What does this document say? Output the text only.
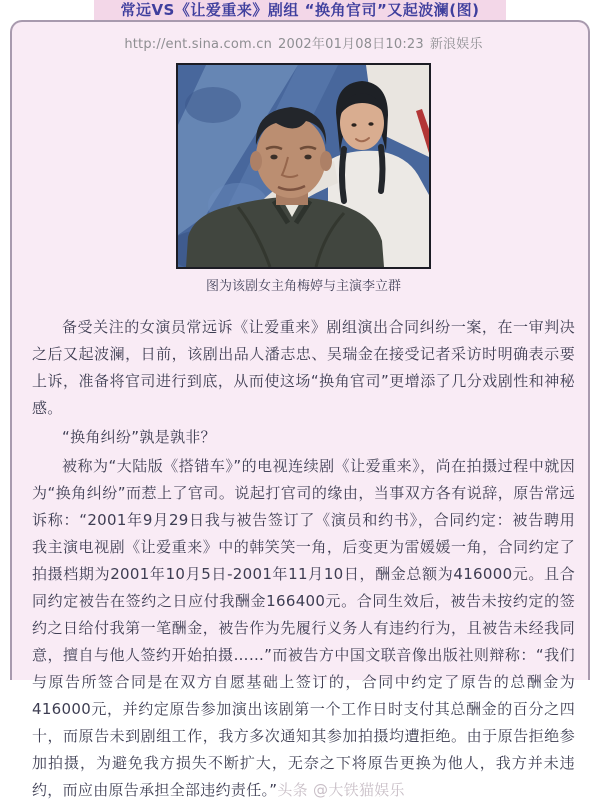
常远VS《让爱重来》剧组 “换角官司”又起波澜(图)
http://ent.sina.com.cn 2002年01月08日10:23 新浪娱乐
图为该剧女主角梅婷与主演李立群

备受关注的女演员常远诉《让爱重来》剧组演出合同纠纷一案，在一审判决之后又起波澜，日前，该剧出品人潘志忠、吴瑞金在接受记者采访时明确表示要上诉，准备将官司进行到底，从而使这场“换角官司”更增添了几分戏剧性和神秘感。

“换角纠纷”孰是孰非？

被称为“大陆版《搭错车》”的电视连续剧《让爱重来》，尚在拍摄过程中就因为“换角纠纷”而惹上了官司。说起打官司的缘由，当事双方各有说辞，原告常远诉称：“2001年9月29日我与被告签订了《演员和约书》，合同约定：被告聘用我主演电视剧《让爱重来》中的韩笑笑一角，后变更为雷媛媛一角，合同约定了拍摄档期为2001年10月5日-2001年11月10日，酬金总额为416000元。且合同约定被告在签约之日应付我酬金166400元。合同生效后，被告未按约定的签约之日给付我第一笔酬金，被告作为先履行义务人有违约行为，且被告未经我同意，擅自与他人签约开始拍摄……”而被告方中国文联音像出版社则辩称：“我们与原告所签合同是在双方自愿基础上签订的，合同中约定了原告的总酬金为416000元，并约定原告参加演出该剧第一个工作日时支付其总酬金的百分之四十，而原告未到剧组工作，我方多次通知其参加拍摄均遭拒绝。由于原告拒绝参加拍摄，为避免我方损失不断扩大，无奈之下将原告更换为他人，我方并未违约，而应由原告承担全部违约责任。”头条 @大铁猫娱乐
